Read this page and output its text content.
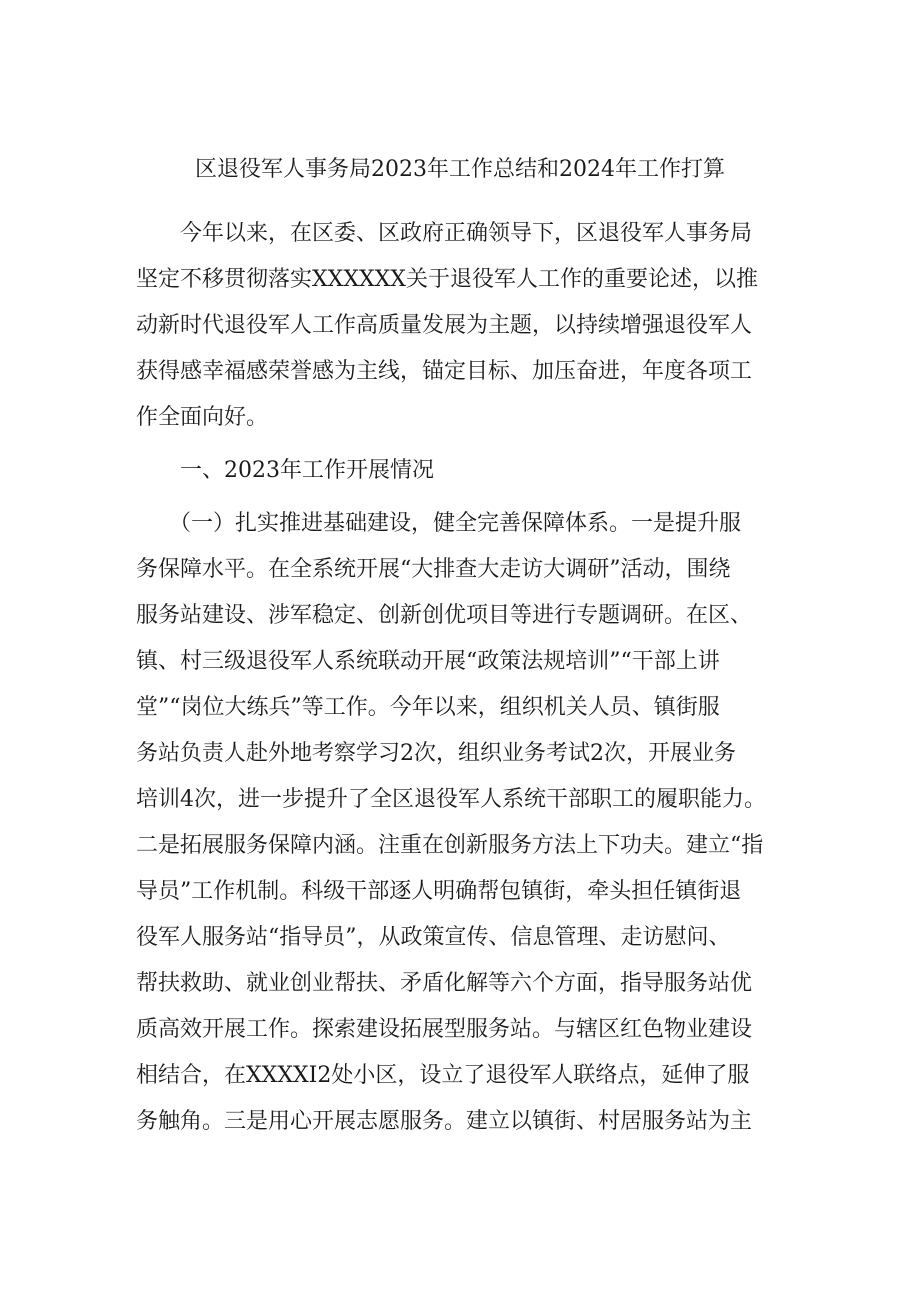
区退役军人事务局2023年工作总结和2024年工作打算
　　今年以来，在区委、区政府正确领导下，区退役军人事务局
坚定不移贯彻落实XXXXXX关于退役军人工作的重要论述，以推
动新时代退役军人工作高质量发展为主题，以持续增强退役军人
获得感幸福感荣誉感为主线，锚定目标、加压奋进，年度各项工
作全面向好。
　　一、2023年工作开展情况
　　（一）扎实推进基础建设，健全完善保障体系。一是提升服
务保障水平。在全系统开展“大排查大走访大调研”活动，围绕
服务站建设、涉军稳定、创新创优项目等进行专题调研。在区、
镇、村三级退役军人系统联动开展“政策法规培训”“干部上讲
堂”“岗位大练兵”等工作。今年以来，组织机关人员、镇街服
务站负责人赴外地考察学习2次，组织业务考试2次，开展业务
培训4次，进一步提升了全区退役军人系统干部职工的履职能力。
二是拓展服务保障内涵。注重在创新服务方法上下功夫。建立“指
导员”工作机制。科级干部逐人明确帮包镇街，牵头担任镇街退
役军人服务站“指导员”，从政策宣传、信息管理、走访慰问、
帮扶救助、就业创业帮扶、矛盾化解等六个方面，指导服务站优
质高效开展工作。探索建设拓展型服务站。与辖区红色物业建设
相结合，在XXXXI2处小区，设立了退役军人联络点，延伸了服
务触角。三是用心开展志愿服务。建立以镇街、村居服务站为主
